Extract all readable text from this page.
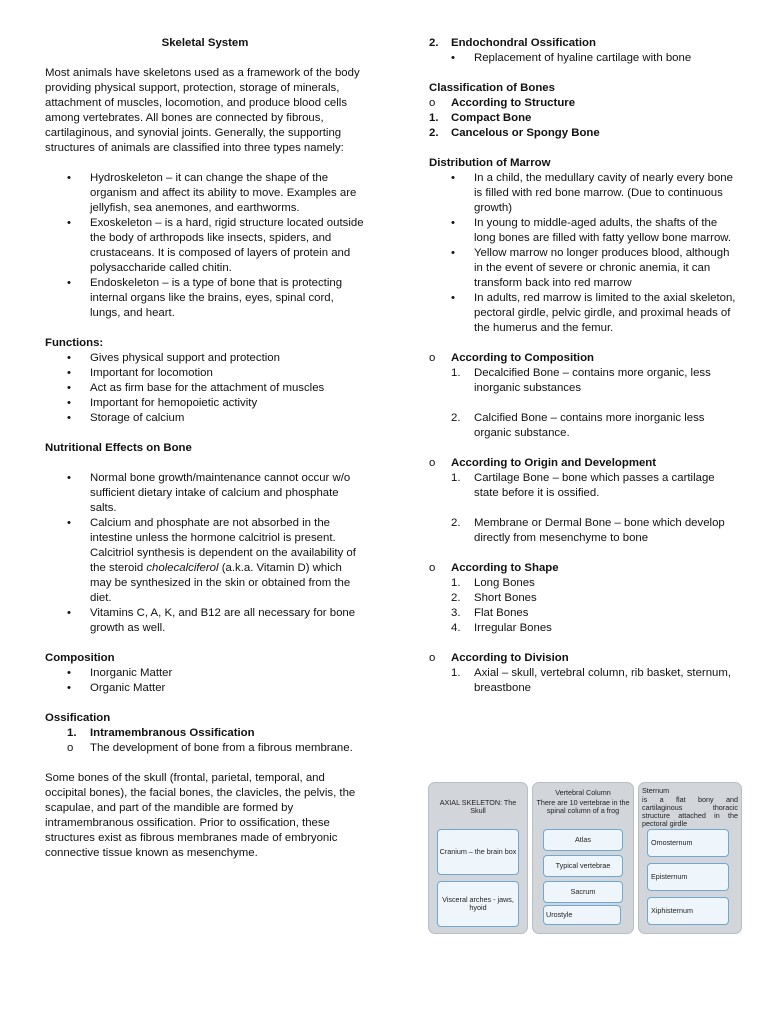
Skeletal System

Most animals have skeletons used as a framework of the body providing physical support, protection, storage of minerals, attachment of muscles, locomotion, and produce blood cells among vertebrates. All bones are connected by fibrous, cartilaginous, and synovial joints. Generally, the supporting structures of animals are classified into three types namely:

• Hydroskeleton – it can change the shape of the organism and affect its ability to move. Examples are jellyfish, sea anemones, and earthworms.
• Exoskeleton – is a hard, rigid structure located outside the body of arthropods like insects, spiders, and crustaceans. It is composed of layers of protein and polysaccharide called chitin.
• Endoskeleton – is a type of bone that is protecting internal organs like the brains, eyes, spinal cord, lungs, and heart.

Functions:

• Gives physical support and protection
• Important for locomotion
• Act as firm base for the attachment of muscles
• Important for hemopoietic activity
• Storage of calcium

Nutritional Effects on Bone

• Normal bone growth/maintenance cannot occur w/o sufficient dietary intake of calcium and phosphate salts.
• Calcium and phosphate are not absorbed in the intestine unless the hormone calcitriol is present. Calcitriol synthesis is dependent on the availability of the steroid cholecalciferol (a.k.a. Vitamin D) which may be synthesized in the skin or obtained from the diet.
• Vitamins C, A, K, and B12 are all necessary for bone growth as well.

Composition

• Inorganic Matter
• Organic Matter

Ossification

1. Intramembranous Ossification
o The development of bone from a fibrous membrane.

Some bones of the skull (frontal, parietal, temporal, and occipital bones), the facial bones, the clavicles, the pelvis, the scapulae, and part of the mandible are formed by intramembranous ossification. Prior to ossification, these structures exist as fibrous membranes made of embryonic connective tissue known as mesenchyme.

2. Endochondral Ossification
• Replacement of hyaline cartilage with bone

Classification of Bones

o According to Structure
1. Compact Bone
2. Cancelous or Spongy Bone

Distribution of Marrow

• In a child, the medullary cavity of nearly every bone is filled with red bone marrow. (Due to continuous growth)
• In young to middle-aged adults, the shafts of the long bones are filled with fatty yellow bone marrow.
• Yellow marrow no longer produces blood, although in the event of severe or chronic anemia, it can transform back into red marrow
• In adults, red marrow is limited to the axial skeleton, pectoral girdle, pelvic girdle, and proximal heads of the humerus and the femur.
o According to Composition
1. Decalcified Bone – contains more organic, less inorganic substances
2. Calcified Bone – contains more inorganic less organic substance.
o According to Origin and Development
1. Cartilage Bone – bone which passes a cartilage state before it is ossified.
2. Membrane or Dermal Bone – bone which develop directly from mesenchyme to bone
o According to Shape
1. Long Bones
2. Short Bones
3. Flat Bones
4. Irregular Bones
o According to Division
1. Axial – skull, vertebral column, rib basket, sternum, breastbone
AXIAL SKELETON: The Skull
Cranium – the brain box
Visceral arches - jaws, hyoid
Vertebral Column
There are 10 vertebrae in the spinal column of a frog
Atlas
Typical vertebrae
Sacrum
Urostyle
Sternum
is a flat bony and cartilaginous thoracic structure attached in the pectoral girdle
Omosternum
Episternum
Xiphisternum
